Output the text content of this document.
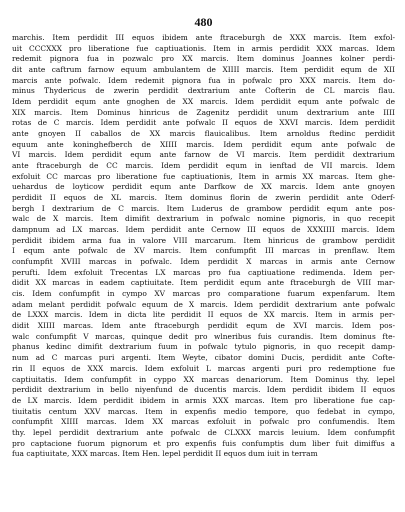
480
marchis. Item perdidit III equos ibidem ante ftraceburgh de XXX marcis. Item exfol-
uit CCCXXX pro liberatione fue captiuationis. Item in armis perdidit XXX marcas. Idem
redemit pignora fua in pozwalc pro XX marcis. Item dominus Joannes kolner perdi-
dit ante caftrum farnow equum ambulantem de XIIII marcis. Item perdidit equm de XII
marcis ante pofwalc. Idem redemit pignora fua in pofwalc pro XXX marcis. Item do-
minus Thydericus de zwerin perdidit dextrarium ante Cofterin de CL marcis flau.
Idem perdidit equm ante gnoghen de XX marcis. Idem perdidit equm ante pofwalc de
XIX marcis. Item Dominus hinricus de Zagenitz perdidit unum dextrarium ante IIII
rotas de C marcis. Idem perdidit ante pofwalc II equos de XXVI marcis. Idem perdidit
ante gnoyen II caballos de XX marcis flauicalibus. Item arnoldus ftedinc perdidit
equum ante koninghefberch de XIIII marcis. Idem perdidit equm ante pofwalc de
VI marcis. Idem perdidit equm ante farnow de VI marcis. Item perdidit dextrarium
ante ftraceburgh de CC marcis. Idem perdidit equm in ienftad de VII marcis. Idem
exfoluit CC marcas pro liberatione fue captiuationis, Item in armis XX marcas. Item ghe-
uehardus de loyticow perdidit equm ante Darfkow de XX marcis. Idem ante gnoyen
perdidit II equos de XL marcis. Item dominus florin de zwerin perdidit ante Oderf-
bergh I dextrarium de C marcis. Item Luderus de grambow perdidit equm ante pos-
walc de X marcis. Item dimifit dextrarium in pofwalc nomine pignoris, in quo recepit
dampnum ad LX marcas. Idem perdidit ante Cernow III equos de XXXIIII marcis. Idem
perdidit ibidem arma fua in valore VIII marcarum. Item hinricus de grambow perdidit
I equm ante pofwalc de XV marcis. Item confumpfit III marcas in prenflaw. Item
confumpfit XVIII marcas in pofwalc. Idem perdidit X marcas in armis ante Cernow
perufti. Idem exfoluit Trecentas LX marcas pro fua captiuatione redimenda. Idem per-
didit XX marcas in eadem captiuitate. Item perdidit equm ante ftraceburgh de VIII mar-
cis. Idem confumpfit in cympo XV marcas pro comparatione fuarum expenfarum. Item
adam melant perdidit pofwalc equum de X marcis. Idem perdidit dextrarium ante pofwalc
de LXXX marcis. Idem in dicta lite perdidit II equos de XX marcis. Item in armis per-
didit XIIII marcas. Idem ante ftraceburgh perdidit equm de XVI marcis. Idem pos-
walc confumpfit V marcas, quinque dedit pro wlneribus fuis curandis. Item dominus fte-
phanus kedinc dimifit dextrarium fuum in pofwalc tytulo pignoris, in quo recepit damp-
num ad C marcas puri argenti. Item Weyte, cibator domini Ducis, perdidit ante Cofte-
rin II equos de XXX marcis. Idem exfoluit L marcas argenti puri pro redemptione fue
captiuitatis. Idem confumpfit in cyppo XX marcas denariorum. Item Dominus thy. lepel
perdidit dextrarium in bello niyenfund de ducentis marcis. Idem perdidit ibidem II equos
de LX marcis. Idem perdidit ibidem in armis XXX marcas. Item pro liberatione fue cap-
tiuitatis centum XXV marcas. Item in expenfis medio tempore, quo fedebat in cympo,
confumpfit XIIII marcas. Idem XX marcas exfoluit in pofwalc pro confumendis. Item
thy. lepel perdidit dextrarium ante pofwalc de CLXXX marcis leuium. Idem confumpfit
pro captacione fuorum pignorum et pro expenfis fuis confumptis dum liber fuit dimiffus a
fua captiuitate, XXX marcas. Item Hen. lepel perdidit II equos dum iuit in terram
